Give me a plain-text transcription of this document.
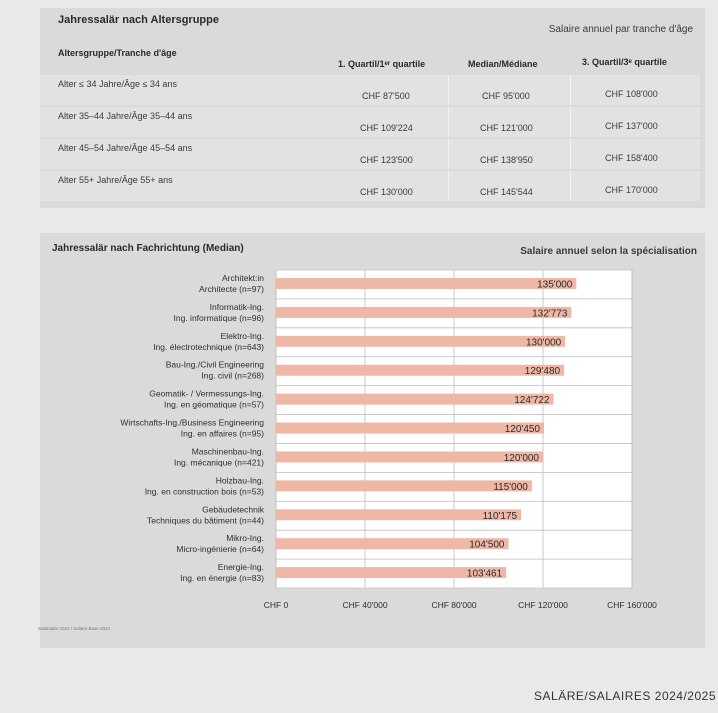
Jahressalär nach Altersgruppe
Salaire annuel par tranche d'âge
Altersgruppe/Tranche d'âge
1. Quartil/1ᵉʳ quartile	Median/Médiane	3. Quartil/3ᵉ quartile
Alter ≤ 34 Jahre/Âge ≤ 34 ans
CHF 87'500	CHF 95'000	CHF 108'000
Alter 35–44 Jahre/Âge 35–44 ans
CHF 109'224	CHF 121'000	CHF 137'000
Alter 45–54 Jahre/Âge 45–54 ans
CHF 123'500	CHF 138'950	CHF 158'400
Alter 55+ Jahre/Âge 55+ ans
CHF 130'000	CHF 145'544	CHF 170'000
Jahressalär nach Fachrichtung (Median)	Salaire annuel selon la spécialisation
CHF 0	CHF 40'000	CHF 80'000	CHF 120'000	CHF 160'000
135'000
Architekt:in
Architecte (n=97)
132'773
Informatik-Ing.
Ing. informatique (n=96)
130'000
Elektro-Ing.
Ing. électrotechnique (n=643)
129'480
Bau-Ing./Civil Engineering
Ing. civil (n=268)
124'722
Geomatik- / Vermessungs-Ing.
Ing. en géomatique (n=57)
120'450
Wirtschafts-Ing./Business Engineering
Ing. en affaires (n=95)
120'000
Maschinenbau-Ing.
Ing. mécanique (n=421)
115'000
Holzbau-Ing.
Ing. en construction bois (n=53)
110'175
Gebäudetechnik
Techniques du bâtiment (n=44)
104'500
Mikro-Ing.
Micro-ingénierie (n=64)
103'461
Energie-Ing.
Ing. en énergie (n=83)
Salärsalär 2024 / Salaire Base 2024
SALÄRE/SALAIRES 2024/2025
